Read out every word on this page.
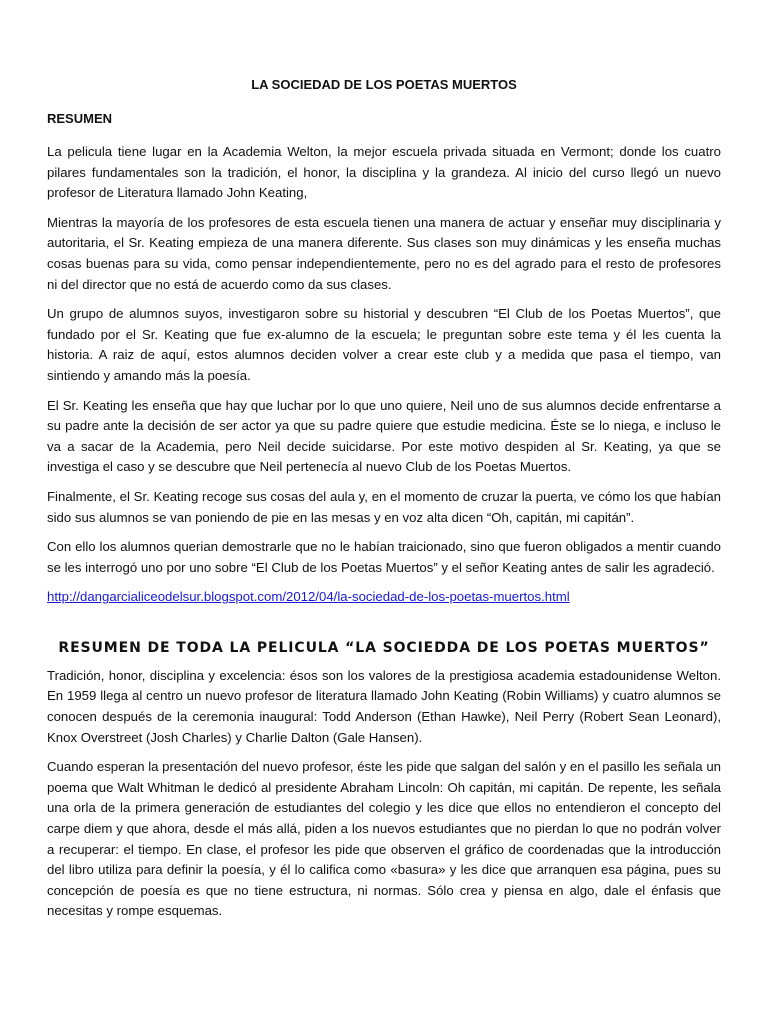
LA SOCIEDAD DE LOS POETAS MUERTOS
RESUMEN

La pelicula tiene lugar en la Academia Welton, la mejor escuela privada situada en Vermont; donde los cuatro pilares fundamentales son la tradición, el honor, la disciplina y la grandeza. Al inicio del curso llegó un nuevo profesor de Literatura llamado John Keating,

Mientras la mayoría de los profesores de esta escuela tienen una manera de actuar y enseñar muy disciplinaria y autoritaria, el Sr. Keating empieza de una manera diferente. Sus clases son muy dinámicas y les enseña muchas cosas buenas para su vida, como pensar independientemente, pero no es del agrado para el resto de profesores ni del director que no está de acuerdo como da sus clases.

Un grupo de alumnos suyos, investigaron sobre su historial y descubren “El Club de los Poetas Muertos”, que fundado por el Sr. Keating que fue ex-alumno de la escuela; le preguntan sobre este tema y él les cuenta la historia. A raiz de aquí, estos alumnos deciden volver a crear este club y a medida que pasa el tiempo, van sintiendo y amando más la poesía.

El Sr. Keating les enseña que hay que luchar por lo que uno quiere, Neil uno de sus alumnos decide enfrentarse a su padre ante la decisión de ser actor ya que su padre quiere que estudie medicina. Éste se lo niega, e incluso le va a sacar de la Academia, pero Neil decide suicidarse. Por este motivo despiden al Sr. Keating, ya que se investiga el caso y se descubre que Neil pertenecía al nuevo Club de los Poetas Muertos.

Finalmente, el Sr. Keating recoge sus cosas del aula y, en el momento de cruzar la puerta, ve cómo los que habían sido sus alumnos se van poniendo de pie en las mesas y en voz alta dicen “Oh, capitán, mi capitán”.

Con ello los alumnos querian demostrarle que no le habían traicionado, sino que fueron obligados a mentir cuando se les interrogó uno por uno sobre “El Club de los Poetas Muertos” y el señor Keating antes de salir les agradeció.

http://dangarcialiceodelsur.blogspot.com/2012/04/la-sociedad-de-los-poetas-muertos.html
RESUMEN DE TODA LA PELICULA “LA SOCIEDDA DE LOS POETAS MUERTOS”

Tradición, honor, disciplina y excelencia: ésos son los valores de la prestigiosa academia estadounidense Welton. En 1959 llega al centro un nuevo profesor de literatura llamado John Keating (Robin Williams) y cuatro alumnos se conocen después de la ceremonia inaugural: Todd Anderson (Ethan Hawke), Neil Perry (Robert Sean Leonard), Knox Overstreet (Josh Charles) y Charlie Dalton (Gale Hansen).

Cuando esperan la presentación del nuevo profesor, éste les pide que salgan del salón y en el pasillo les señala un poema que Walt Whitman le dedicó al presidente Abraham Lincoln: Oh capitán, mi capitán. De repente, les señala una orla de la primera generación de estudiantes del colegio y les dice que ellos no entendieron el concepto del carpe diem y que ahora, desde el más allá, piden a los nuevos estudiantes que no pierdan lo que no podrán volver a recuperar: el tiempo. En clase, el profesor les pide que observen el gráfico de coordenadas que la introducción del libro utiliza para definir la poesía, y él lo califica como «basura» y les dice que arranquen esa página, pues su concepción de poesía es que no tiene estructura, ni normas. Sólo crea y piensa en algo, dale el énfasis que necesitas y rompe esquemas.
